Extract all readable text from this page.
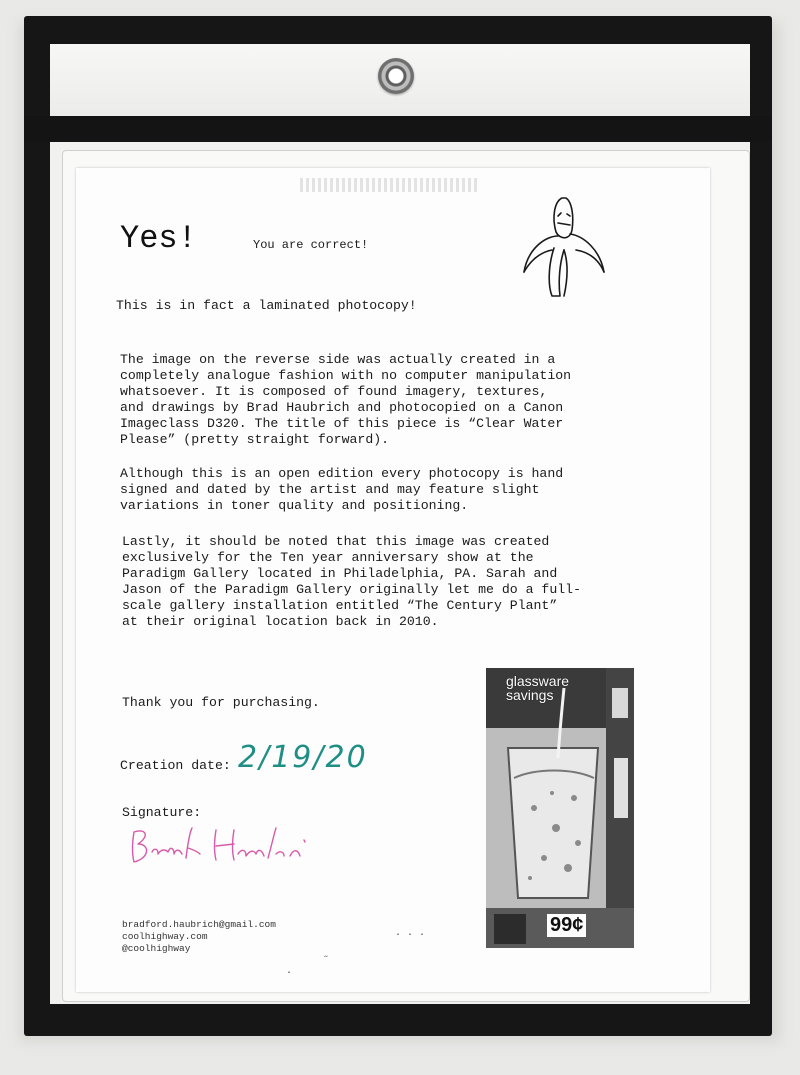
Yes!	You are correct!
This is in fact a laminated photocopy!
The image on the reverse side was actually created in a
completely analogue fashion with no computer manipulation
whatsoever. It is composed of found imagery, textures,
and drawings by Brad Haubrich and photocopied on a Canon
Imageclass D320. The title of this piece is “Clear Water
Please” (pretty straight forward).
Although this is an open edition every photocopy is hand
signed and dated by the artist and may feature slight
variations in toner quality and positioning.
Lastly, it should be noted that this image was created
exclusively for the Ten year anniversary show at the
Paradigm Gallery located in Philadelphia, PA. Sarah and
Jason of the Paradigm Gallery originally let me do a full-
scale gallery installation entitled “The Century Plant”
at their original location back in 2010.
Thank you for purchasing.
Creation date: 2/19/20
Signature:
bradford.haubrich@gmail.com
coolhighway.com
@coolhighway
glassware
savings
99¢
· · ·
·
˝
